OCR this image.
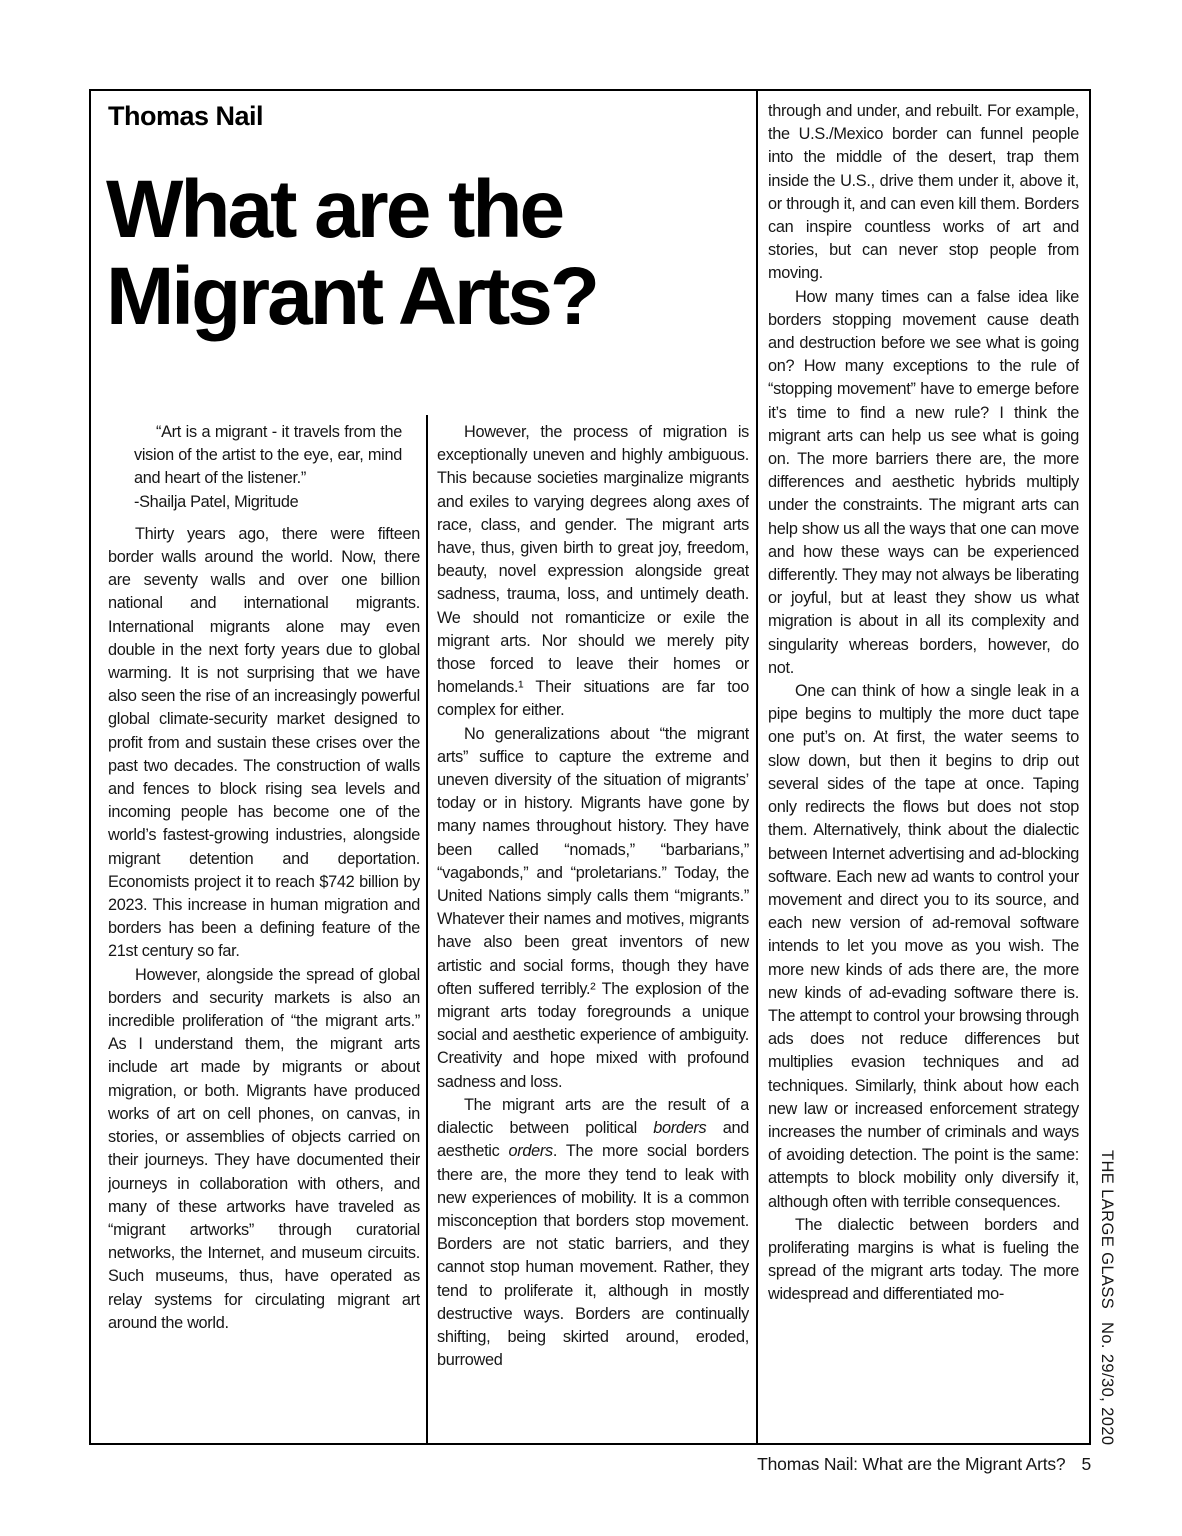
Thomas Nail
What are the
Migrant Arts?
“Art is a migrant - it travels from the vision of the artist to the eye, ear, mind and heart of the listener.”
-Shailja Patel, Migritude

Thirty years ago, there were fifteen border walls around the world. Now, there are seventy walls and over one billion national and international migrants. International migrants alone may even double in the next forty years due to global warming. It is not surprising that we have also seen the rise of an increasingly powerful global climate-security market designed to profit from and sustain these crises over the past two decades. The construction of walls and fences to block rising sea levels and incoming people has become one of the world’s fastest-growing industries, alongside migrant detention and deportation. Economists project it to reach $742 billion by 2023. This increase in human migration and borders has been a defining feature of the 21st century so far.

However, alongside the spread of global borders and security markets is also an incredible proliferation of “the migrant arts.” As I understand them, the migrant arts include art made by migrants or about migration, or both. Migrants have produced works of art on cell phones, on canvas, in stories, or assemblies of objects carried on their journeys. They have documented their journeys in collaboration with others, and many of these artworks have traveled as “migrant artworks” through curatorial networks, the Internet, and museum circuits. Such museums, thus, have operated as relay systems for circulating migrant art around the world.

However, the process of migration is exceptionally uneven and highly ambiguous. This because societies marginalize migrants and exiles to varying degrees along axes of race, class, and gender. The migrant arts have, thus, given birth to great joy, freedom, beauty, novel expression alongside great sadness, trauma, loss, and untimely death. We should not romanticize or exile the migrant arts. Nor should we merely pity those forced to leave their homes or homelands.¹ Their situations are far too complex for either.

No generalizations about “the migrant arts” suffice to capture the extreme and uneven diversity of the situation of migrants’ today or in history. Migrants have gone by many names throughout history. They have been called “nomads,” “barbarians,” “vagabonds,” and “proletarians.” Today, the United Nations simply calls them “migrants.” Whatever their names and motives, migrants have also been great inventors of new artistic and social forms, though they have often suffered terribly.² The explosion of the migrant arts today foregrounds a unique social and aesthetic experience of ambiguity. Creativity and hope mixed with profound sadness and loss.

The migrant arts are the result of a dialectic between political borders and aesthetic orders. The more social borders there are, the more they tend to leak with new experiences of mobility. It is a common misconception that borders stop movement. Borders are not static barriers, and they cannot stop human movement. Rather, they tend to proliferate it, although in mostly destructive ways. Borders are continually shifting, being skirted around, eroded, burrowed

through and under, and rebuilt. For example, the U.S./Mexico border can funnel people into the middle of the desert, trap them inside the U.S., drive them under it, above it, or through it, and can even kill them. Borders can inspire countless works of art and stories, but can never stop people from moving.

How many times can a false idea like borders stopping movement cause death and destruction before we see what is going on? How many exceptions to the rule of “stopping movement” have to emerge before it’s time to find a new rule? I think the migrant arts can help us see what is going on. The more barriers there are, the more differences and aesthetic hybrids multiply under the constraints. The migrant arts can help show us all the ways that one can move and how these ways can be experienced differently. They may not always be liberating or joyful, but at least they show us what migration is about in all its complexity and singularity whereas borders, however, do not.

One can think of how a single leak in a pipe begins to multiply the more duct tape one put’s on. At first, the water seems to slow down, but then it begins to drip out several sides of the tape at once. Taping only redirects the flows but does not stop them. Alternatively, think about the dialectic between Internet advertising and ad-blocking software. Each new ad wants to control your movement and direct you to its source, and each new version of ad-removal software intends to let you move as you wish. The more new kinds of ads there are, the more new kinds of ad-evading software there is. The attempt to control your browsing through ads does not reduce differences but multiplies evasion techniques and ad techniques. Similarly, think about how each new law or increased enforcement strategy increases the number of criminals and ways of avoiding detection. The point is the same: attempts to block mobility only diversify it, although often with terrible consequences.

The dialectic between borders and proliferating margins is what is fueling the spread of the migrant arts today. The more widespread and differentiated mo-

Thomas Nail: What are the Migrant Arts? 5
THE LARGE GLASSNo. 29/30, 2020
